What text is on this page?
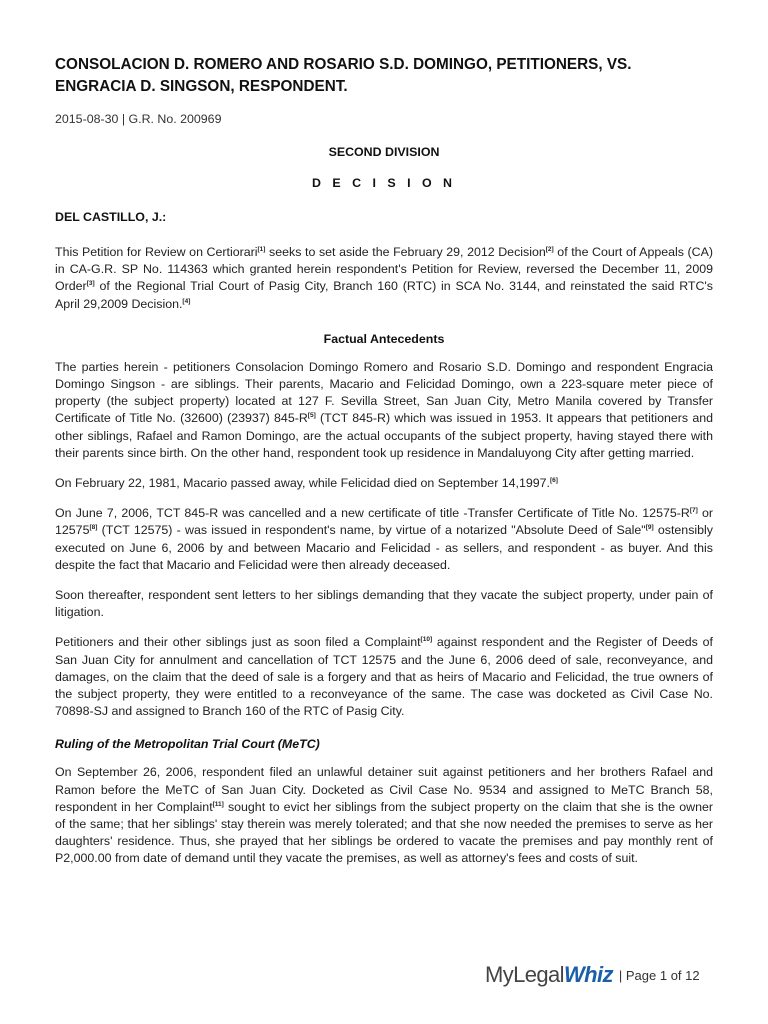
CONSOLACION D. ROMERO AND ROSARIO S.D. DOMINGO, PETITIONERS, VS. ENGRACIA D. SINGSON, RESPONDENT.
2015-08-30 | G.R. No. 200969
SECOND DIVISION
D E C I S I O N
DEL CASTILLO, J.:

This Petition for Review on Certiorari[1] seeks to set aside the February 29, 2012 Decision[2] of the Court of Appeals (CA) in CA-G.R. SP No. 114363 which granted herein respondent's Petition for Review, reversed the December 11, 2009 Order[3] of the Regional Trial Court of Pasig City, Branch 160 (RTC) in SCA No. 3144, and reinstated the said RTC's April 29,2009 Decision.[4]

Factual Antecedents

The parties herein - petitioners Consolacion Domingo Romero and Rosario S.D. Domingo and respondent Engracia Domingo Singson - are siblings. Their parents, Macario and Felicidad Domingo, own a 223-square meter piece of property (the subject property) located at 127 F. Sevilla Street, San Juan City, Metro Manila covered by Transfer Certificate of Title No. (32600) (23937) 845-R[5] (TCT 845-R) which was issued in 1953. It appears that petitioners and other siblings, Rafael and Ramon Domingo, are the actual occupants of the subject property, having stayed there with their parents since birth. On the other hand, respondent took up residence in Mandaluyong City after getting married.

On February 22, 1981, Macario passed away, while Felicidad died on September 14,1997.[6]

On June 7, 2006, TCT 845-R was cancelled and a new certificate of title -Transfer Certificate of Title No. 12575-R[7] or 12575[8] (TCT 12575) - was issued in respondent's name, by virtue of a notarized "Absolute Deed of Sale"[9] ostensibly executed on June 6, 2006 by and between Macario and Felicidad - as sellers, and respondent - as buyer. And this despite the fact that Macario and Felicidad were then already deceased.

Soon thereafter, respondent sent letters to her siblings demanding that they vacate the subject property, under pain of litigation.

Petitioners and their other siblings just as soon filed a Complaint[10] against respondent and the Register of Deeds of San Juan City for annulment and cancellation of TCT 12575 and the June 6, 2006 deed of sale, reconveyance, and damages, on the claim that the deed of sale is a forgery and that as heirs of Macario and Felicidad, the true owners of the subject property, they were entitled to a reconveyance of the same. The case was docketed as Civil Case No. 70898-SJ and assigned to Branch 160 of the RTC of Pasig City.

Ruling of the Metropolitan Trial Court (MeTC)

On September 26, 2006, respondent filed an unlawful detainer suit against petitioners and her brothers Rafael and Ramon before the MeTC of San Juan City. Docketed as Civil Case No. 9534 and assigned to MeTC Branch 58, respondent in her Complaint[11] sought to evict her siblings from the subject property on the claim that she is the owner of the same; that her siblings' stay therein was merely tolerated; and that she now needed the premises to serve as her daughters' residence. Thus, she prayed that her siblings be ordered to vacate the premises and pay monthly rent of P2,000.00 from date of demand until they vacate the premises, as well as attorney's fees and costs of suit.

MyLegalWhiz | Page 1 of 12
